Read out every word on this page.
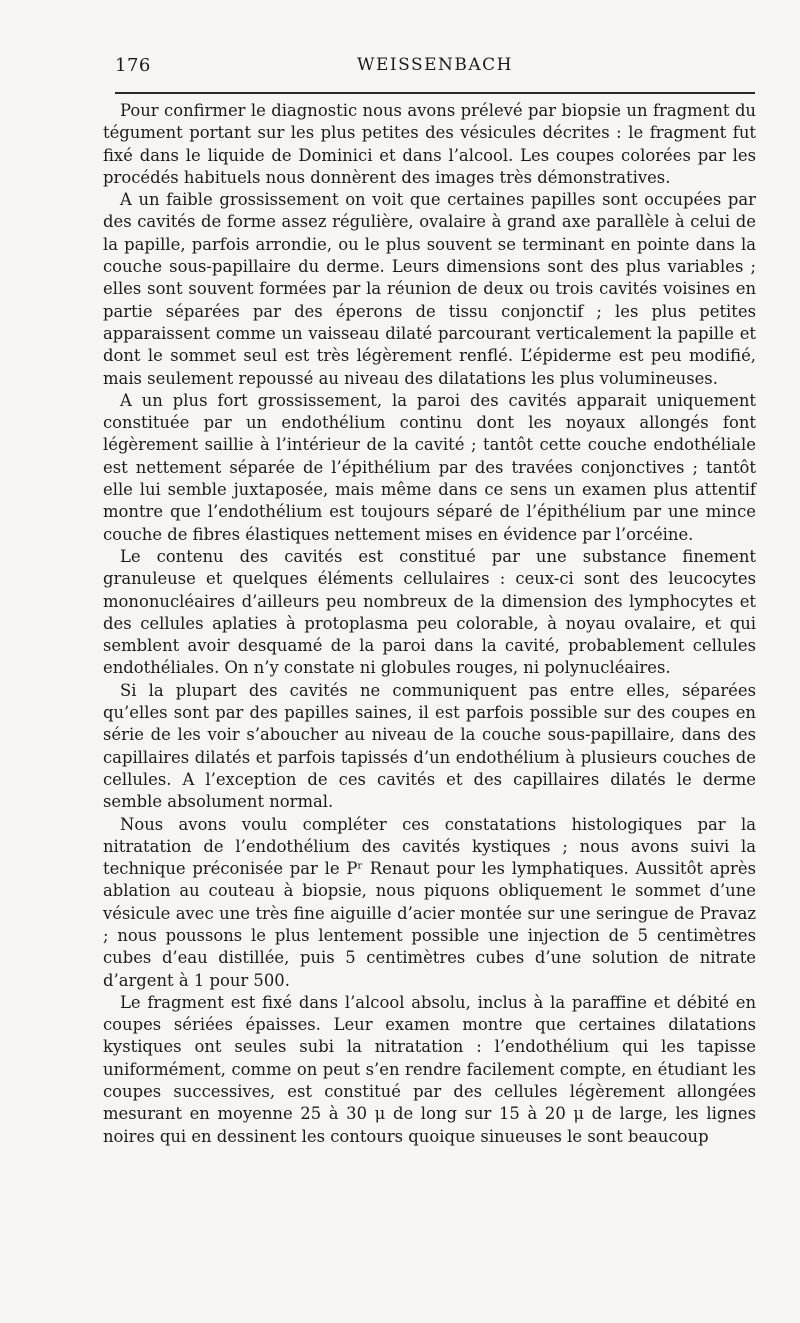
176	WEISSENBACH

Pour confirmer le diagnostic nous avons prélevé par biopsie un fragment du tégument portant sur les plus petites des vésicules décrites : le fragment fut fixé dans le liquide de Dominici et dans l’alcool. Les coupes colorées par les procédés habituels nous donnèrent des images très démonstratives.

A un faible grossissement on voit que certaines papilles sont occupées par des cavités de forme assez régulière, ovalaire à grand axe parallèle à celui de la papille, parfois arrondie, ou le plus souvent se terminant en pointe dans la couche sous-papillaire du derme. Leurs dimensions sont des plus variables ; elles sont souvent formées par la réunion de deux ou trois cavités voisines en partie séparées par des éperons de tissu conjonctif ; les plus petites apparaissent comme un vaisseau dilaté parcourant verticalement la papille et dont le sommet seul est très légèrement renflé. L’épiderme est peu modifié, mais seulement repoussé au niveau des dilatations les plus volumineuses.

A un plus fort grossissement, la paroi des cavités apparait uniquement constituée par un endothélium continu dont les noyaux allongés font légèrement saillie à l’intérieur de la cavité ; tantôt cette couche endothéliale est nettement séparée de l’épithélium par des travées conjonctives ; tantôt elle lui semble juxtaposée, mais même dans ce sens un examen plus attentif montre que l’endothélium est toujours séparé de l’épithélium par une mince couche de fibres élastiques nettement mises en évidence par l’orcéine.

Le contenu des cavités est constitué par une substance finement granuleuse et quelques éléments cellulaires : ceux-ci sont des leucocytes mononucléaires d’ailleurs peu nombreux de la dimension des lymphocytes et des cellules aplaties à protoplasma peu colorable, à noyau ovalaire, et qui semblent avoir desquamé de la paroi dans la cavité, probablement cellules endothéliales. On n’y constate ni globules rouges, ni polynucléaires.

Si la plupart des cavités ne communiquent pas entre elles, séparées qu’elles sont par des papilles saines, il est parfois possible sur des coupes en série de les voir s’aboucher au niveau de la couche sous-papillaire, dans des capillaires dilatés et parfois tapissés d’un endothélium à plusieurs couches de cellules. A l’exception de ces cavités et des capillaires dilatés le derme semble absolument normal.

Nous avons voulu compléter ces constatations histologiques par la nitratation de l’endothélium des cavités kystiques ; nous avons suivi la technique préconisée par le Pʳ Renaut pour les lymphatiques. Aussitôt après ablation au couteau à biopsie, nous piquons obliquement le sommet d’une vésicule avec une très fine aiguille d’acier montée sur une seringue de Pravaz ; nous poussons le plus lentement possible une injection de 5 centimètres cubes d’eau distillée, puis 5 centimètres cubes d’une solution de nitrate d’argent à 1 pour 500.

Le fragment est fixé dans l’alcool absolu, inclus à la paraffine et débité en coupes sériées épaisses. Leur examen montre que certaines dilatations kystiques ont seules subi la nitratation : l’endothélium qui les tapisse uniformément, comme on peut s’en rendre facilement compte, en étudiant les coupes successives, est constitué par des cellules légèrement allongées mesurant en moyenne 25 à 30 μ de long sur 15 à 20 μ de large, les lignes noires qui en dessinent les contours quoique sinueuses le sont beaucoup
